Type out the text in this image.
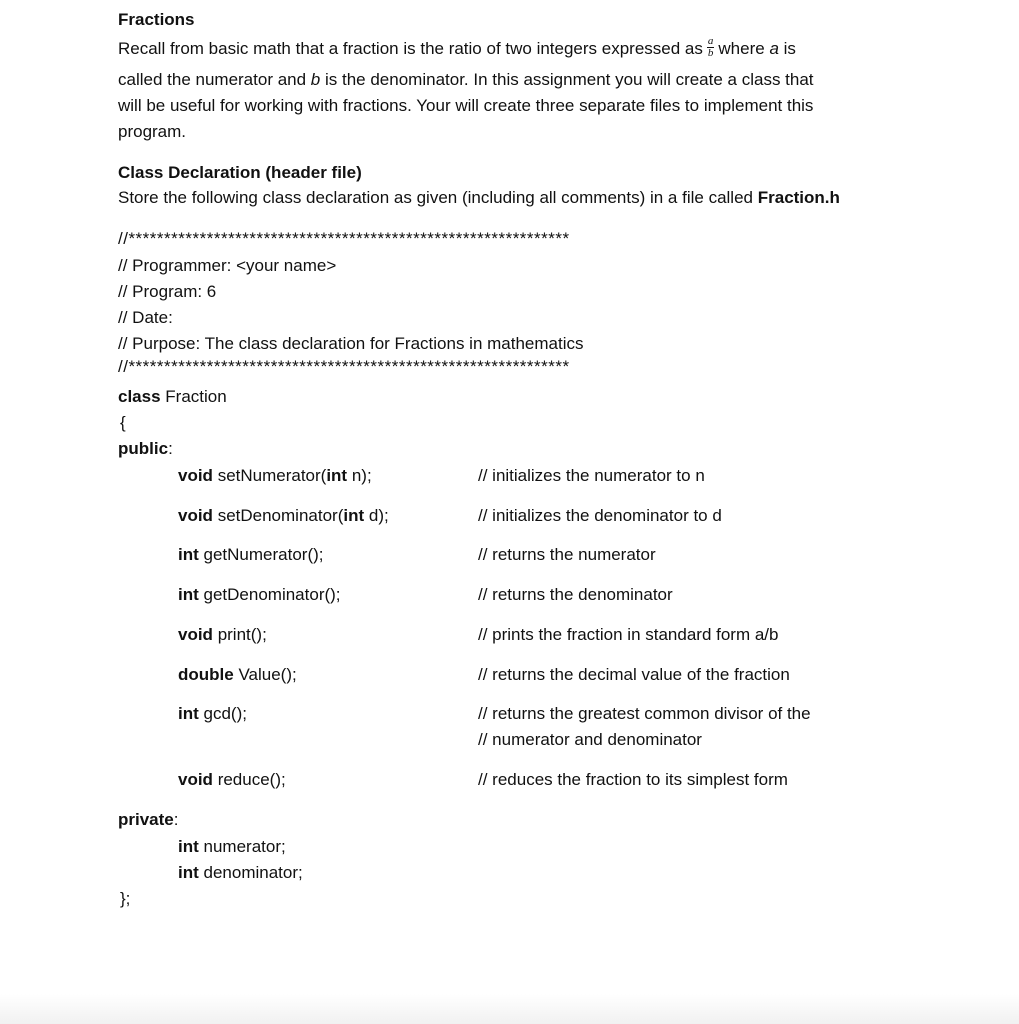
Fractions
Recall from basic math that a fraction is the ratio of two integers expressed as $\frac{a}{b}$ where a is
called the numerator and b is the denominator. In this assignment you will create a class that
will be useful for working with fractions. Your will create three separate files to implement this
program.
Class Declaration (header file)
Store the following class declaration as given (including all comments) in a file called Fraction.h
//**************************************************************
// Programmer: <your name>
// Program: 6
// Date:
// Purpose: The class declaration for Fractions in mathematics
//**************************************************************
class Fraction
{
public:
void setNumerator(int n);	// initializes the numerator to n
void setDenominator(int d);	// initializes the denominator to d
int getNumerator();	// returns the numerator
int getDenominator();	// returns the denominator
void print();	// prints the fraction in standard form a/b
double Value();	// returns the decimal value of the fraction
int gcd();	// returns the greatest common divisor of the
// numerator and denominator
void reduce();	// reduces the fraction to its simplest form
private:
int numerator;
int denominator;
};
